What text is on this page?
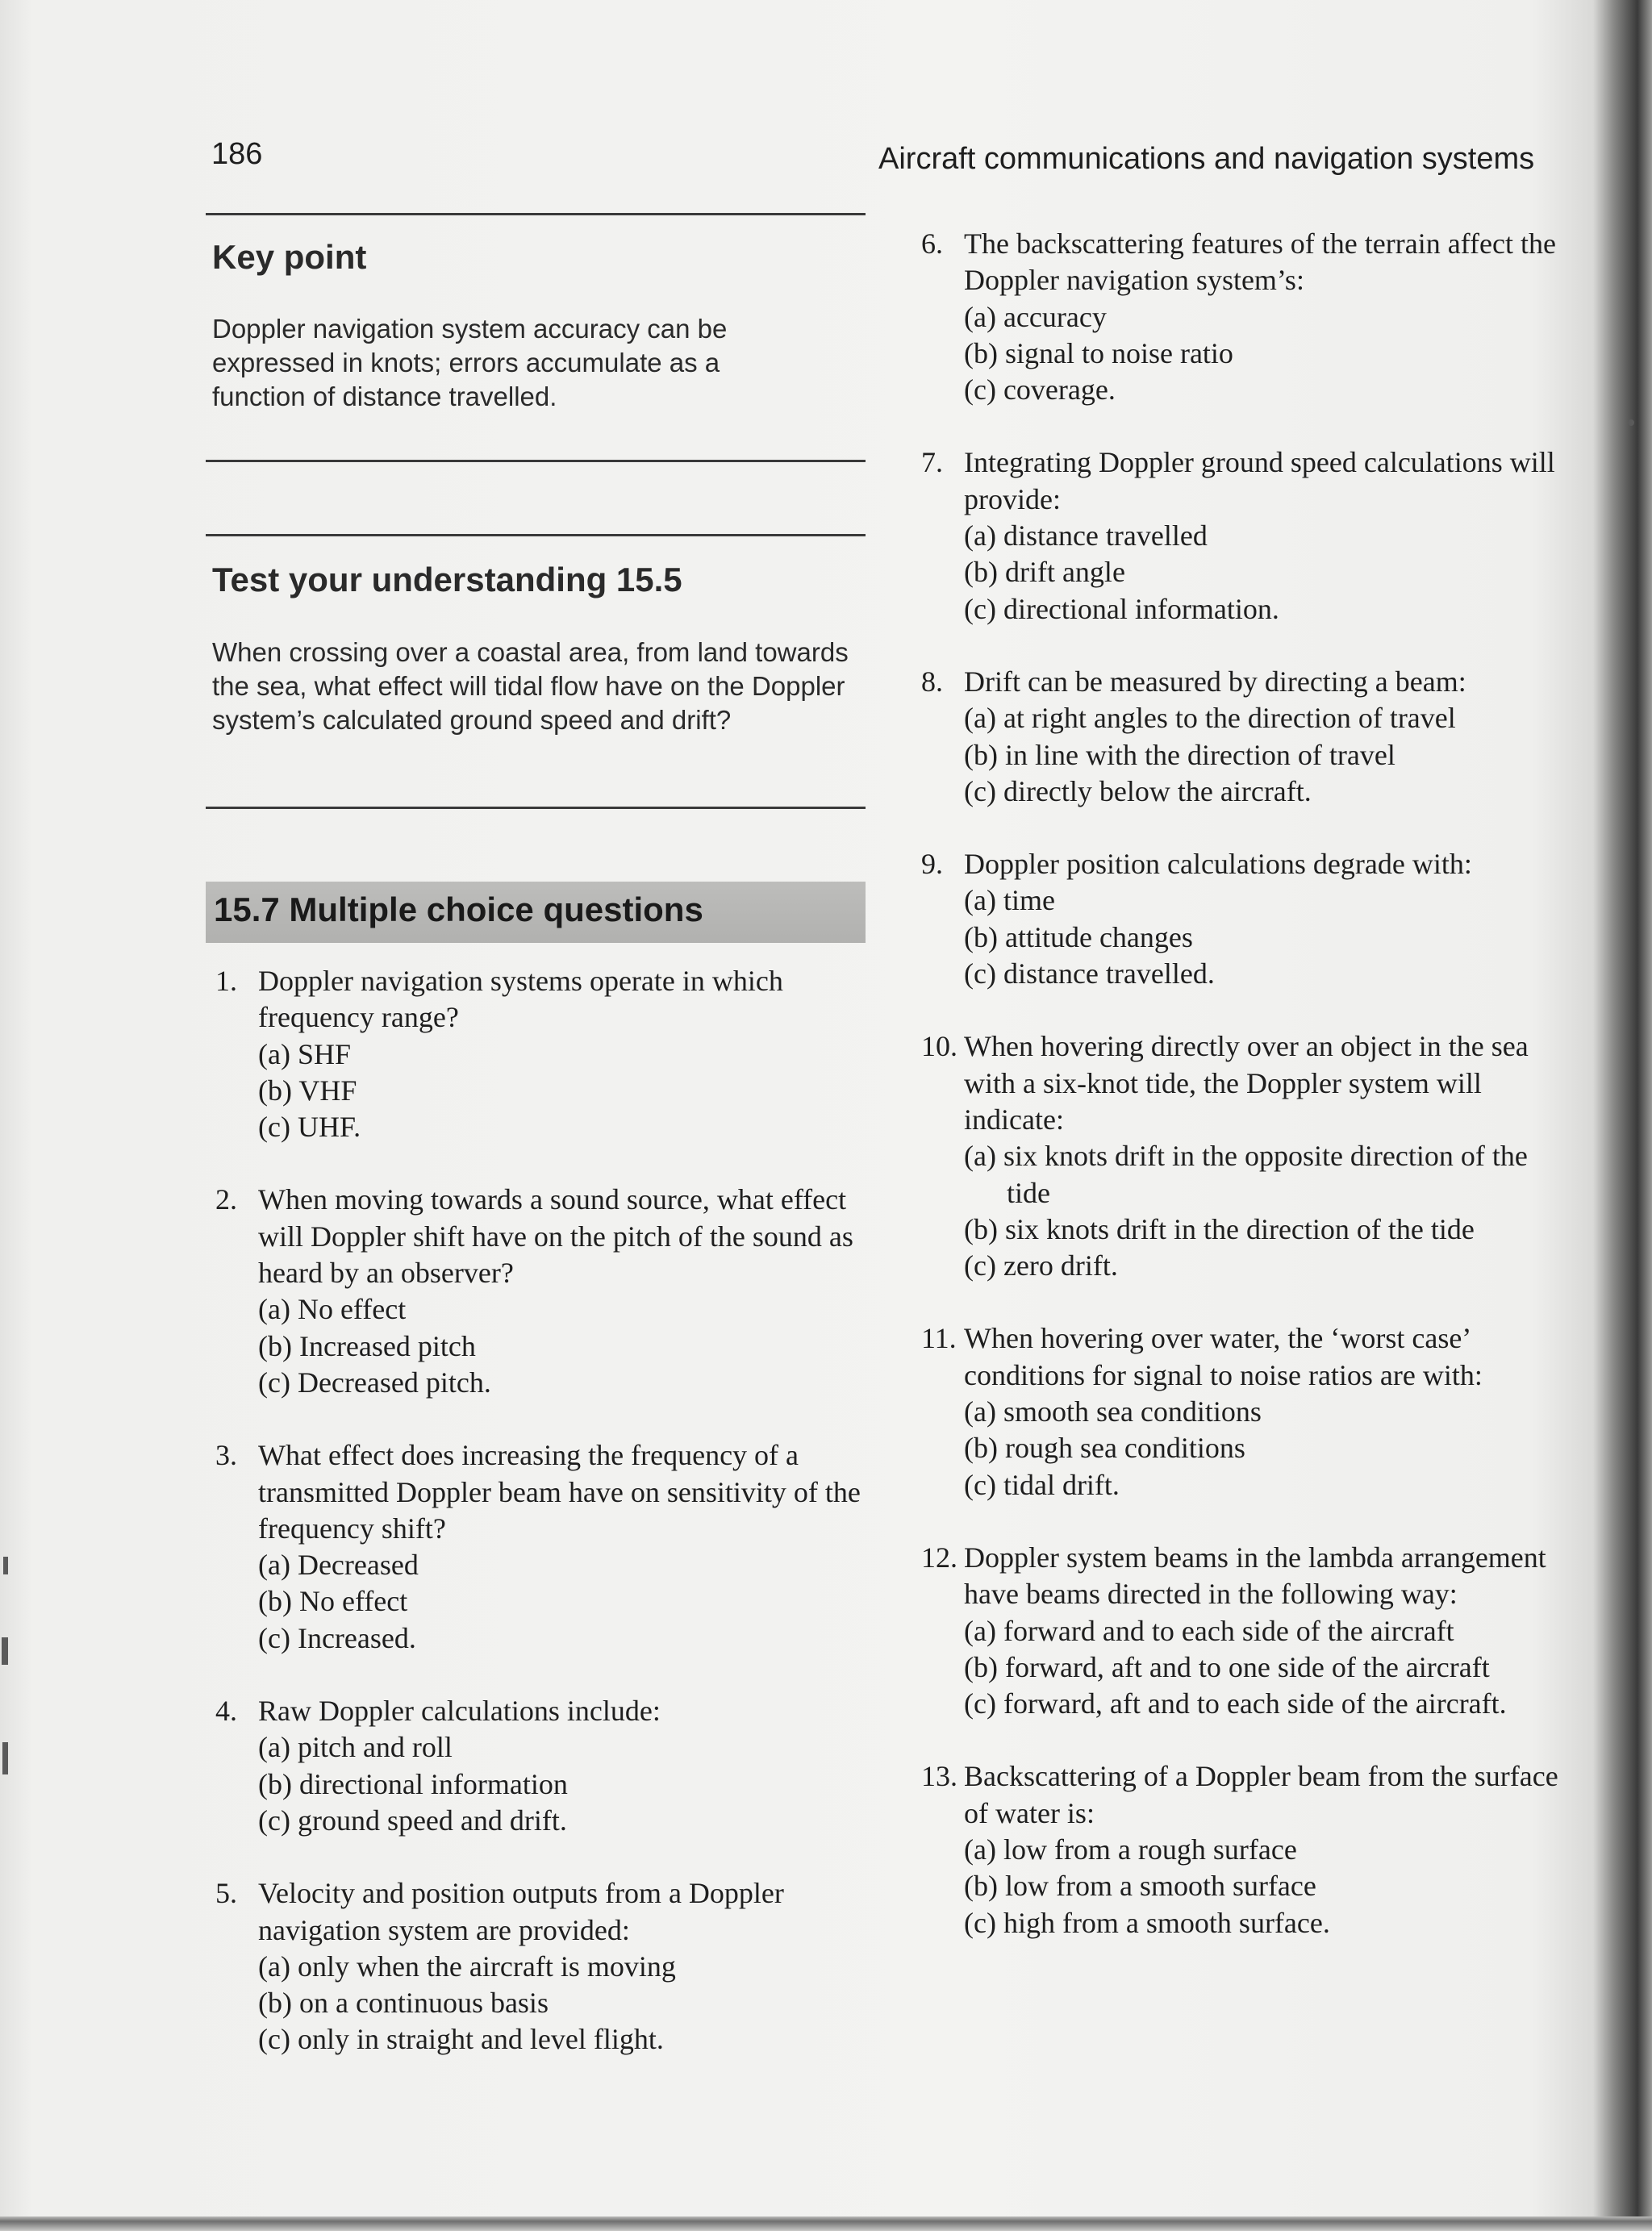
186	Aircraft communications and navigation systems
Key point
Doppler navigation system accuracy can be expressed in knots; errors accumulate as a function of distance travelled.
Test your understanding 15.5
When crossing over a coastal area, from land towards the sea, what effect will tidal flow have on the Doppler system’s calculated ground speed and drift?
15.7 Multiple choice questions
1. Doppler navigation systems operate in which frequency range?
(a) SHF
(b) VHF
(c) UHF.
2. When moving towards a sound source, what effect will Doppler shift have on the pitch of the sound as heard by an observer?
(a) No effect
(b) Increased pitch
(c) Decreased pitch.
3. What effect does increasing the frequency of a transmitted Doppler beam have on sensitivity of the frequency shift?
(a) Decreased
(b) No effect
(c) Increased.
4. Raw Doppler calculations include:
(a) pitch and roll
(b) directional information
(c) ground speed and drift.
5. Velocity and position outputs from a Doppler navigation system are provided:
(a) only when the aircraft is moving
(b) on a continuous basis
(c) only in straight and level flight.
6. The backscattering features of the terrain affect the Doppler navigation system’s:
(a) accuracy
(b) signal to noise ratio
(c) coverage.
7. Integrating Doppler ground speed calculations will provide:
(a) distance travelled
(b) drift angle
(c) directional information.
8. Drift can be measured by directing a beam:
(a) at right angles to the direction of travel
(b) in line with the direction of travel
(c) directly below the aircraft.
9. Doppler position calculations degrade with:
(a) time
(b) attitude changes
(c) distance travelled.
10. When hovering directly over an object in the sea with a six-knot tide, the Doppler system will indicate:
(a) six knots drift in the opposite direction of the tide
(b) six knots drift in the direction of the tide
(c) zero drift.
11. When hovering over water, the ‘worst case’ conditions for signal to noise ratios are with:
(a) smooth sea conditions
(b) rough sea conditions
(c) tidal drift.
12. Doppler system beams in the lambda arrangement have beams directed in the following way:
(a) forward and to each side of the aircraft
(b) forward, aft and to one side of the aircraft
(c) forward, aft and to each side of the aircraft.
13. Backscattering of a Doppler beam from the surface of water is:
(a) low from a rough surface
(b) low from a smooth surface
(c) high from a smooth surface.
